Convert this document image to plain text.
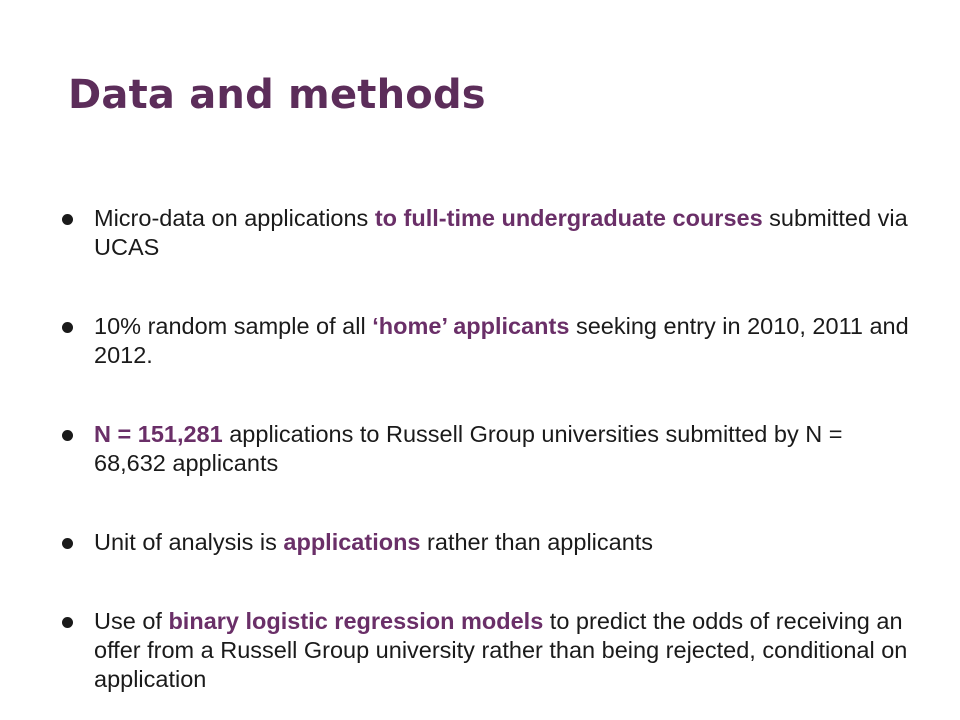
Data and methods
Micro-data on applications to full-time undergraduate courses submitted via UCAS
10% random sample of all ‘home’ applicants seeking entry in 2010, 2011 and 2012.
N = 151,281 applications to Russell Group universities submitted by N = 68,632 applicants
Unit of analysis is applications rather than applicants
Use of binary logistic regression models to predict the odds of receiving an offer from a Russell Group university rather than being rejected, conditional on application
